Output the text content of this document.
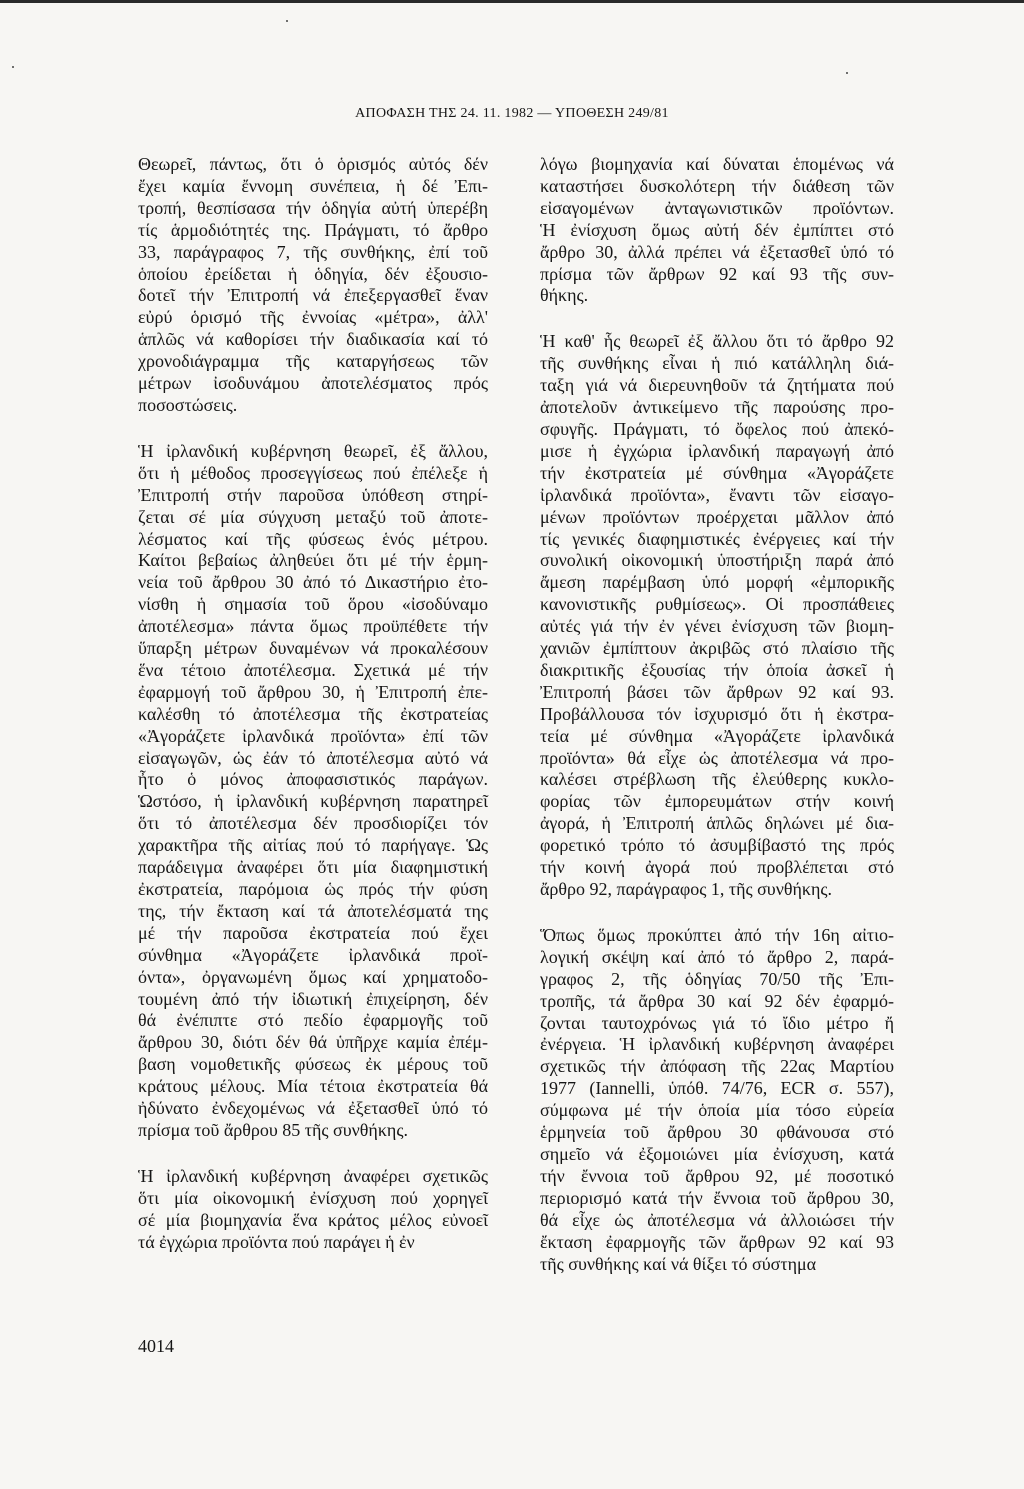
ΑΠΟΦΑΣΗ ΤΗΣ 24. 11. 1982 — ΥΠΟΘΕΣΗ 249/81
Θεωρεῖ, πάντως, ὅτι ὁ ὁρισμός αὐτός δέν
ἔχει καμία ἔννομη συνέπεια, ἡ δέ Ἐπι-
τροπή, θεσπίσασα τήν ὁδηγία αὐτή ὑπερέβη
τίς ἁρμοδιότητές της. Πράγματι, τό ἄρθρο
33, παράγραφος 7, τῆς συνθήκης, ἐπί τοῦ
ὁποίου ἐρείδεται ἡ ὁδηγία, δέν ἐξουσιο-
δοτεῖ τήν Ἐπιτροπή νά ἐπεξεργασθεῖ ἕναν
εὐρύ ὁρισμό τῆς ἐννοίας «μέτρα», ἀλλ'
ἁπλῶς νά καθορίσει τήν διαδικασία καί τό
χρονοδιάγραμμα τῆς καταργήσεως τῶν
μέτρων ἰσοδυνάμου ἀποτελέσματος πρός
ποσοστώσεις.
Ἡ ἰρλανδική κυβέρνηση θεωρεῖ, ἐξ ἄλλου,
ὅτι ἡ μέθοδος προσεγγίσεως πού ἐπέλεξε ἡ
Ἐπιτροπή στήν παροῦσα ὑπόθεση στηρί-
ζεται σέ μία σύγχυση μεταξύ τοῦ ἀποτε-
λέσματος καί τῆς φύσεως ἑνός μέτρου.
Καίτοι βεβαίως ἀληθεύει ὅτι μέ τήν ἑρμη-
νεία τοῦ ἄρθρου 30 ἀπό τό Δικαστήριο ἐτο-
νίσθη ἡ σημασία τοῦ ὅρου «ἰσοδύναμο
ἀποτέλεσμα» πάντα ὅμως προϋπέθετε τήν
ὕπαρξη μέτρων δυναμένων νά προκαλέσουν
ἕνα τέτοιο ἀποτέλεσμα. Σχετικά μέ τήν
ἐφαρμογή τοῦ ἄρθρου 30, ἡ Ἐπιτροπή ἐπε-
καλέσθη τό ἀποτέλεσμα τῆς ἐκστρατείας
«Ἀγοράζετε ἰρλανδικά προϊόντα» ἐπί τῶν
εἰσαγωγῶν, ὡς ἐάν τό ἀποτέλεσμα αὐτό νά
ἦτο ὁ μόνος ἀποφασιστικός παράγων.
Ὡστόσο, ἡ ἰρλανδική κυβέρνηση παρατηρεῖ
ὅτι τό ἀποτέλεσμα δέν προσδιορίζει τόν
χαρακτῆρα τῆς αἰτίας πού τό παρήγαγε. Ὡς
παράδειγμα ἀναφέρει ὅτι μία διαφημιστική
ἐκστρατεία, παρόμοια ὡς πρός τήν φύση
της, τήν ἔκταση καί τά ἀποτελέσματά της
μέ τήν παροῦσα ἐκστρατεία πού ἔχει
σύνθημα «Ἀγοράζετε ἰρλανδικά προϊ-
όντα», ὀργανωμένη ὅμως καί χρηματοδο-
τουμένη ἀπό τήν ἰδιωτική ἐπιχείρηση, δέν
θά ἐνέπιπτε στό πεδίο ἐφαρμογῆς τοῦ
ἄρθρου 30, διότι δέν θά ὑπῆρχε καμία ἐπέμ-
βαση νομοθετικῆς φύσεως ἐκ μέρους τοῦ
κράτους μέλους. Μία τέτοια ἐκστρατεία θά
ἠδύνατο ἐνδεχομένως νά ἐξετασθεῖ ὑπό τό
πρίσμα τοῦ ἄρθρου 85 τῆς συνθήκης.
Ἡ ἰρλανδική κυβέρνηση ἀναφέρει σχετικῶς
ὅτι μία οἰκονομική ἐνίσχυση πού χορηγεῖ
σέ μία βιομηχανία ἕνα κράτος μέλος εὐνοεῖ
τά ἐγχώρια προϊόντα πού παράγει ἡ ἐν
λόγω βιομηχανία καί δύναται ἑπομένως νά
καταστήσει δυσκολότερη τήν διάθεση τῶν
εἰσαγομένων ἀνταγωνιστικῶν προϊόντων.
Ἡ ἐνίσχυση ὅμως αὐτή δέν ἐμπίπτει στό
ἄρθρο 30, ἀλλά πρέπει νά ἐξετασθεῖ ὑπό τό
πρίσμα τῶν ἄρθρων 92 καί 93 τῆς συν-
θήκης.
Ἡ καθ' ἧς θεωρεῖ ἐξ ἄλλου ὅτι τό ἄρθρο 92
τῆς συνθήκης εἶναι ἡ πιό κατάλληλη διά-
ταξη γιά νά διερευνηθοῦν τά ζητήματα πού
ἀποτελοῦν ἀντικείμενο τῆς παρούσης προ-
σφυγῆς. Πράγματι, τό ὄφελος πού ἀπεκό-
μισε ἡ ἐγχώρια ἰρλανδική παραγωγή ἀπό
τήν ἐκστρατεία μέ σύνθημα «Ἀγοράζετε
ἰρλανδικά προϊόντα», ἔναντι τῶν εἰσαγο-
μένων προϊόντων προέρχεται μᾶλλον ἀπό
τίς γενικές διαφημιστικές ἐνέργειες καί τήν
συνολική οἰκονομική ὑποστήριξη παρά ἀπό
ἄμεση παρέμβαση ὑπό μορφή «ἐμπορικῆς
κανονιστικῆς ρυθμίσεως». Οἱ προσπάθειες
αὐτές γιά τήν ἐν γένει ἐνίσχυση τῶν βιομη-
χανιῶν ἐμπίπτουν ἀκριβῶς στό πλαίσιο τῆς
διακριτικῆς ἐξουσίας τήν ὁποία ἀσκεῖ ἡ
Ἐπιτροπή βάσει τῶν ἄρθρων 92 καί 93.
Προβάλλουσα τόν ἰσχυρισμό ὅτι ἡ ἐκστρα-
τεία μέ σύνθημα «Ἀγοράζετε ἰρλανδικά
προϊόντα» θά εἶχε ὡς ἀποτέλεσμα νά προ-
καλέσει στρέβλωση τῆς ἐλεύθερης κυκλο-
φορίας τῶν ἐμπορευμάτων στήν κοινή
ἀγορά, ἡ Ἐπιτροπή ἁπλῶς δηλώνει μέ δια-
φορετικό τρόπο τό ἀσυμβίβαστό της πρός
τήν κοινή ἀγορά πού προβλέπεται στό
ἄρθρο 92, παράγραφος 1, τῆς συνθήκης.
Ὅπως ὅμως προκύπτει ἀπό τήν 16η αἰτιο-
λογική σκέψη καί ἀπό τό ἄρθρο 2, παρά-
γραφος 2, τῆς ὁδηγίας 70/50 τῆς Ἐπι-
τροπῆς, τά ἄρθρα 30 καί 92 δέν ἐφαρμό-
ζονται ταυτοχρόνως γιά τό ἴδιο μέτρο ἤ
ἐνέργεια. Ἡ ἰρλανδική κυβέρνηση ἀναφέρει
σχετικῶς τήν ἀπόφαση τῆς 22ας Μαρτίου
1977 (Iannelli, ὑπόθ. 74/76, ECR σ. 557),
σύμφωνα μέ τήν ὁποία μία τόσο εὐρεία
ἑρμηνεία τοῦ ἄρθρου 30 φθάνουσα στό
σημεῖο νά ἐξομοιώνει μία ἐνίσχυση, κατά
τήν ἔννοια τοῦ ἄρθρου 92, μέ ποσοτικό
περιορισμό κατά τήν ἔννοια τοῦ ἄρθρου 30,
θά εἶχε ὡς ἀποτέλεσμα νά ἀλλοιώσει τήν
ἔκταση ἐφαρμογῆς τῶν ἄρθρων 92 καί 93
τῆς συνθήκης καί νά θίξει τό σύστημα
4014
